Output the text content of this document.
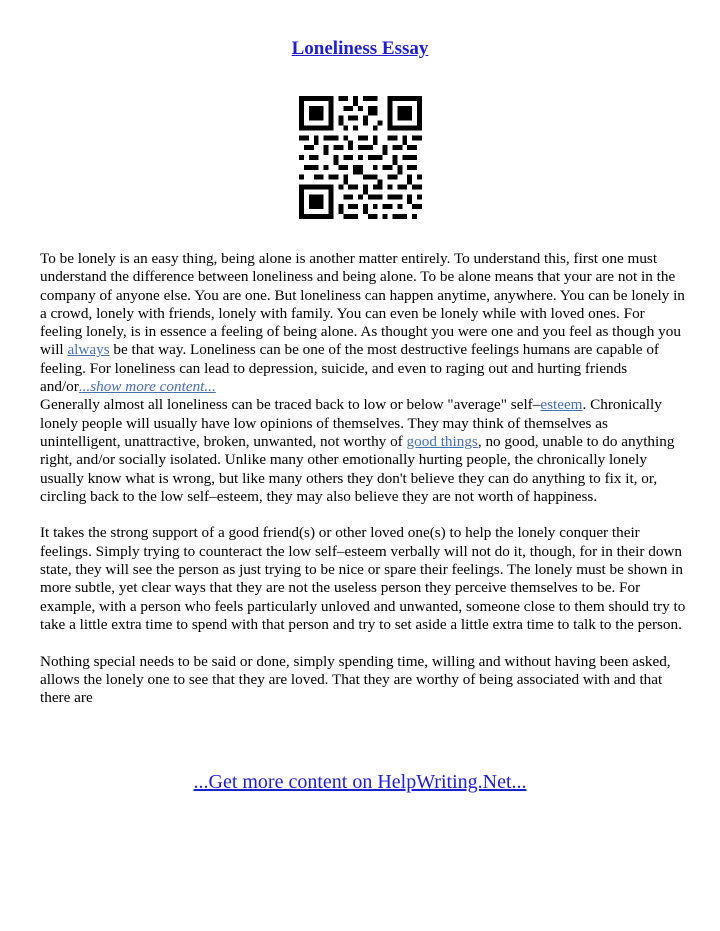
Loneliness Essay

To be lonely is an easy thing, being alone is another matter entirely. To understand this, first one must understand the difference between loneliness and being alone. To be alone means that your are not in the company of anyone else. You are one. But loneliness can happen anytime, anywhere. You can be lonely in a crowd, lonely with friends, lonely with family. You can even be lonely while with loved ones. For feeling lonely, is in essence a feeling of being alone. As thought you were one and you feel as though you will always be that way. Loneliness can be one of the most destructive feelings humans are capable of feeling. For loneliness can lead to depression, suicide, and even to raging out and hurting friends and/or...show more content...

Generally almost all loneliness can be traced back to low or below "average" self–esteem. Chronically lonely people will usually have low opinions of themselves. They may think of themselves as unintelligent, unattractive, broken, unwanted, not worthy of good things, no good, unable to do anything right, and/or socially isolated. Unlike many other emotionally hurting people, the chronically lonely usually know what is wrong, but like many others they don't believe they can do anything to fix it, or, circling back to the low self–esteem, they may also believe they are not worth of happiness.

It takes the strong support of a good friend(s) or other loved one(s) to help the lonely conquer their feelings. Simply trying to counteract the low self–esteem verbally will not do it, though, for in their down state, they will see the person as just trying to be nice or spare their feelings. The lonely must be shown in more subtle, yet clear ways that they are not the useless person they perceive themselves to be. For example, with a person who feels particularly unloved and unwanted, someone close to them should try to take a little extra time to spend with that person and try to set aside a little extra time to talk to the person.

Nothing special needs to be said or done, simply spending time, willing and without having been asked, allows the lonely one to see that they are loved. That they are worthy of being associated with and that there are

...Get more content on HelpWriting.Net...
